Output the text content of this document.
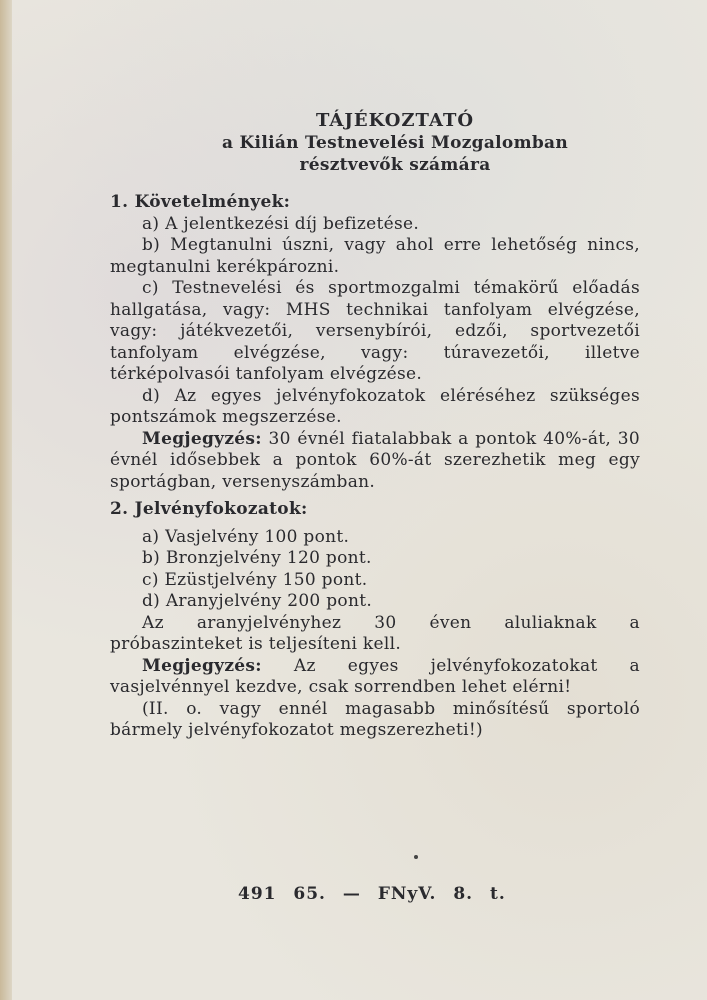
TÁJÉKOZTATÓ
a Kilián Testnevelési Mozgalomban
résztvevők számára
1. Követelmények:
a) A jelentkezési díj befizetése.
b) Megtanulni úszni, vagy ahol erre lehetőség nincs, megtanulni kerékpározni.
c) Testnevelési és sportmozgalmi témakörű előadás hallgatása, vagy: MHS technikai tanfolyam elvégzése, vagy: játékvezetői, versenybírói, edzői, sportvezetői tanfolyam elvégzése, vagy: túravezetői, illetve térképolvasói tanfolyam elvégzése.
d) Az egyes jelvényfokozatok eléréséhez szükséges pontszámok megszerzése.
Megjegyzés: 30 évnél fiatalabbak a pontok 40%-át, 30 évnél idősebbek a pontok 60%-át szerezhetik meg egy sportágban, versenyszámban.
2. Jelvényfokozatok:
a) Vasjelvény 100 pont.
b) Bronzjelvény 120 pont.
c) Ezüstjelvény 150 pont.
d) Aranyjelvény 200 pont.
Az aranyjelvényhez 30 éven aluliaknak a próbaszinteket is teljesíteni kell.
Megjegyzés: Az egyes jelvényfokozatokat a vasjelvénnyel kezdve, csak sorrendben lehet elérni!
(II. o. vagy ennél magasabb minősítésű sportoló bármely jelvényfokozatot megszerezheti!)
491 65. — FNyV. 8. t.
